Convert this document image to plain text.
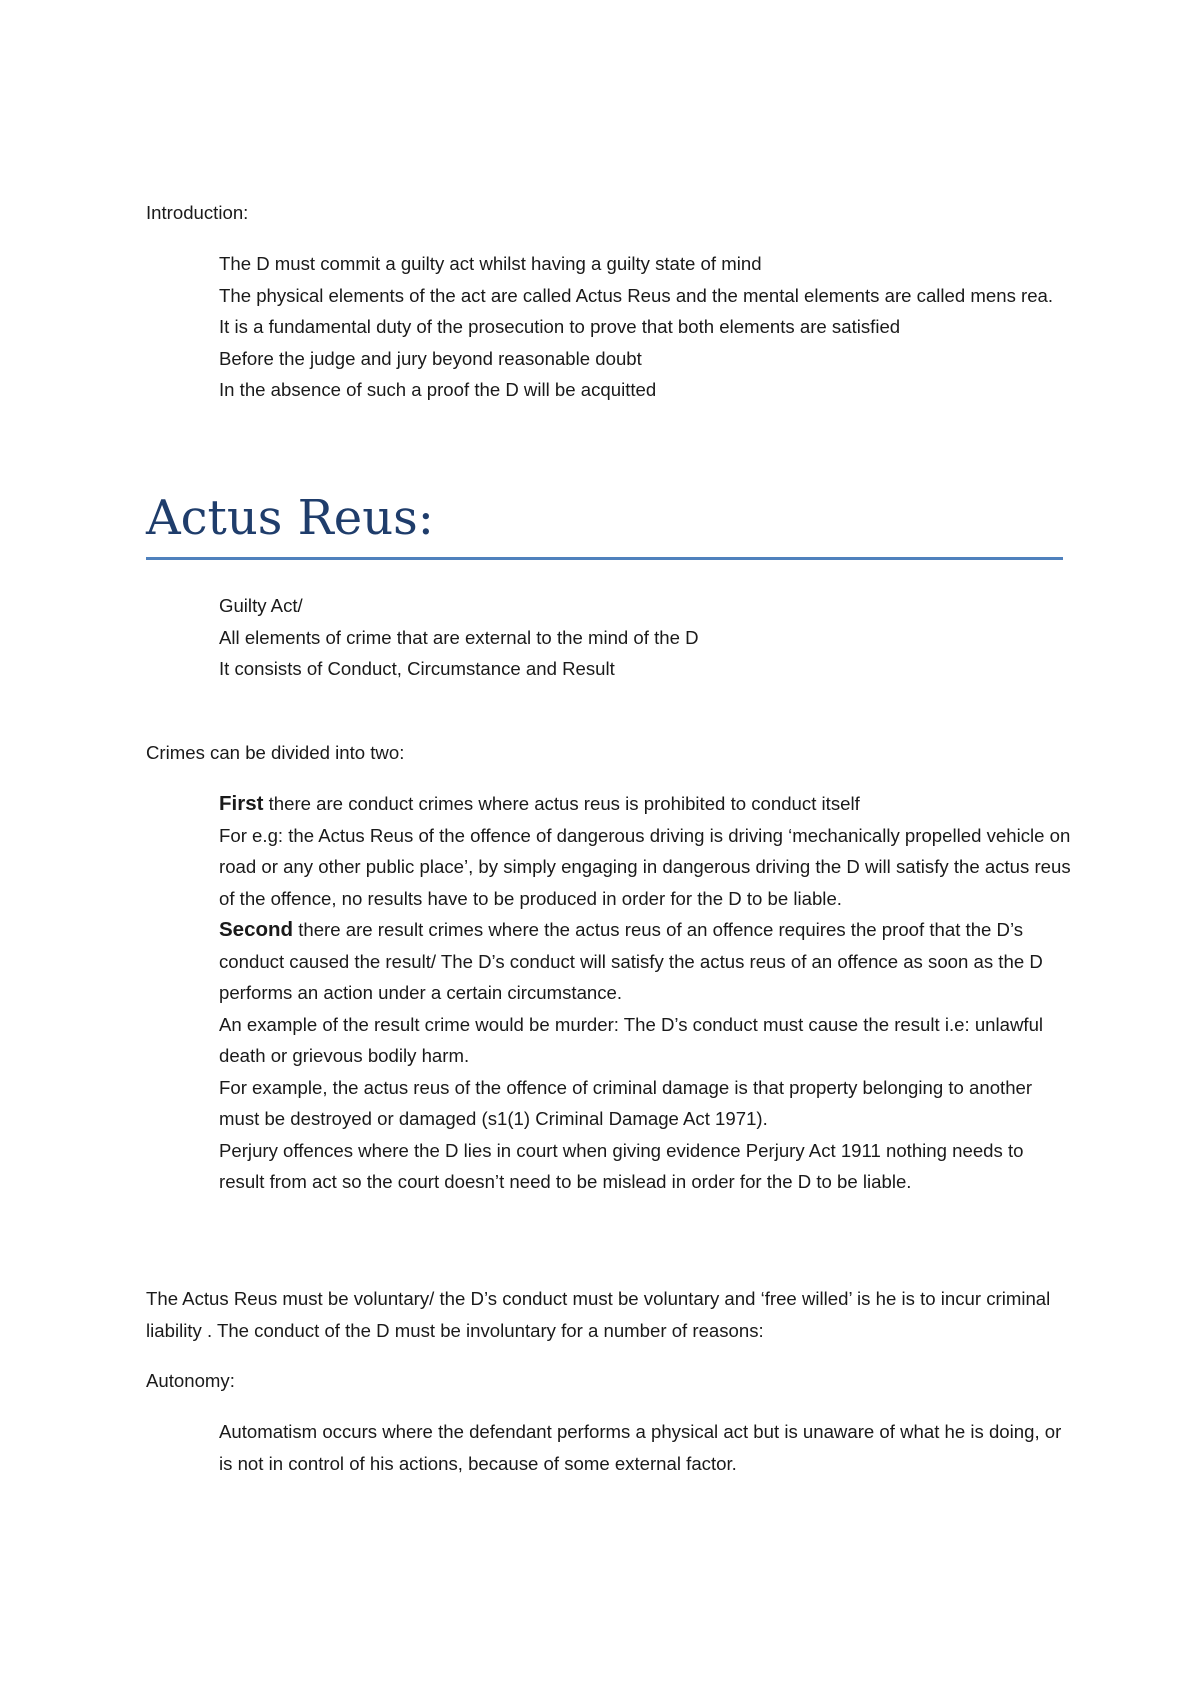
Introduction:

The D must commit a guilty act whilst having a guilty state of mind
The physical elements of the act are called Actus Reus and the mental elements are called mens rea.
It is a fundamental duty of the prosecution to prove that both elements are satisfied
Before the judge and jury beyond reasonable doubt
In the absence of such a proof the D will be acquitted
Actus Reus:
Guilty Act/
All elements of crime that are external to the mind of the D
It consists of Conduct, Circumstance and Result

Crimes can be divided into two:

First there are conduct crimes where actus reus is prohibited to conduct itself
For e.g: the Actus Reus of the offence of dangerous driving is driving ‘mechanically propelled vehicle on road or any other public place’, by simply engaging in dangerous driving the D will satisfy the actus reus of the offence, no results have to be produced in order for the D to be liable.
Second there are result crimes where the actus reus of an offence requires the proof that the D’s conduct caused the result/ The D’s conduct will satisfy the actus reus of an offence as soon as the D performs an action under a certain circumstance.
An example of the result crime would be murder: The D’s conduct must cause the result i.e: unlawful death or grievous bodily harm.
For example, the actus reus of the offence of criminal damage is that property belonging to another must be destroyed or damaged (s1(1) Criminal Damage Act 1971).
Perjury offences where the D lies in court when giving evidence Perjury Act 1911 nothing needs to result from act so the court doesn’t need to be mislead in order for the D to be liable.

The Actus Reus must be voluntary/ the D’s conduct must be voluntary and ‘free willed’ is he is to incur criminal liability . The conduct of the D must be involuntary for a number of reasons:

Autonomy:

Automatism occurs where the defendant performs a physical act but is unaware of what he is doing, or is not in control of his actions, because of some external factor.
